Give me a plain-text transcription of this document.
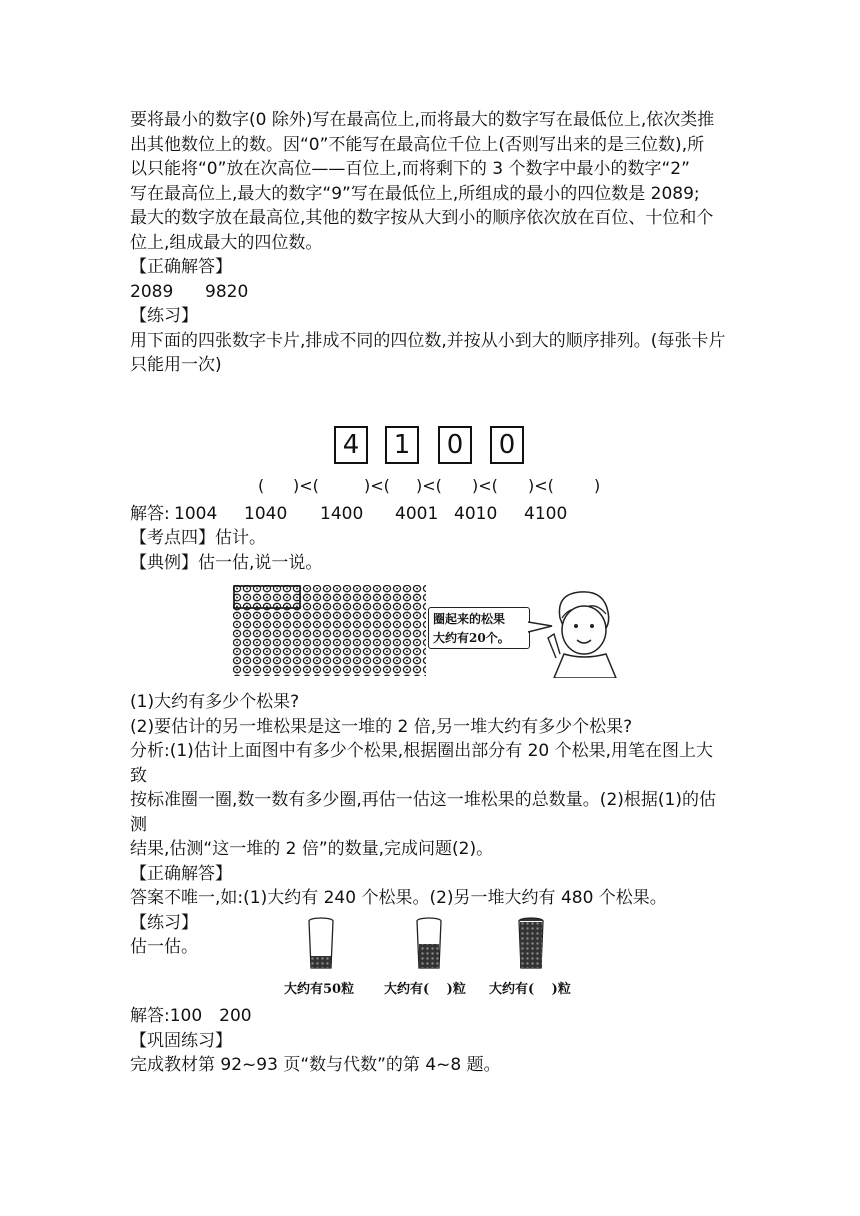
要将最小的数字(0 除外)写在最高位上,而将最大的数字写在最低位上,依次类推

出其他数位上的数。因“0”不能写在最高位千位上(否则写出来的是三位数),所

以只能将“0”放在次高位——百位上,而将剩下的 3 个数字中最小的数字“2”

写在最高位上,最大的数字“9”写在最低位上,所组成的最小的四位数是 2089;

最大的数字放在最高位,其他的数字按从大到小的顺序依次放在百位、十位和个

位上,组成最大的四位数。

【正确解答】

2089 9820

【练习】

用下面的四张数字卡片,排成不同的四位数,并按从小到大的顺序排列。(每张卡片

只能用一次)

4	1	0	0
( )<(	)<( )<( )<( )<(	)
解答: 1004 1040 1400 4001 4010 4100
【考点四】估计。
【典例】估一估,说一说。
圈起来的松果
大约有20个。
(1)大约有多少个松果?
(2)要估计的另一堆松果是这一堆的 2 倍,另一堆大约有多少个松果?
分析:(1)估计上面图中有多少个松果,根据圈出部分有 20 个松果,用笔在图上大致
按标准圈一圈,数一数有多少圈,再估一估这一堆松果的总数量。(2)根据(1)的估测
结果,估测“这一堆的 2 倍”的数量,完成问题(2)。
【正确解答】
答案不唯一,如:(1)大约有 240 个松果。(2)另一堆大约有 480 个松果。
【练习】
估一估。
大约有50粒 大约有(　 )粒 大约有(　 )粒
解答:100　200
【巩固练习】
完成教材第 92~93 页“数与代数”的第 4~8 题。
